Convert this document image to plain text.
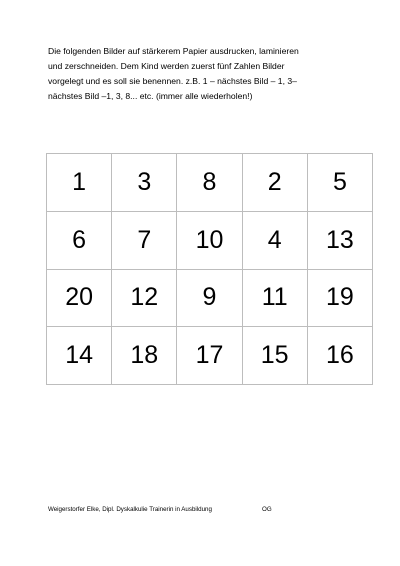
Die folgenden Bilder auf stärkerem Papier ausdrucken, laminieren
und zerschneiden. Dem Kind werden zuerst fünf Zahlen Bilder
vorgelegt und es soll sie benennen. z.B. 1 – nächstes Bild – 1, 3–
nächstes Bild –1, 3, 8... etc. (immer alle wiederholen!)
1	3	8	2	5
6	7	10	4	13
20	12	9	11	19
14	18	17	15	16
Weigerstorfer Elke, Dipl. Dyskalkulie Trainerin in Ausbildung	OG
